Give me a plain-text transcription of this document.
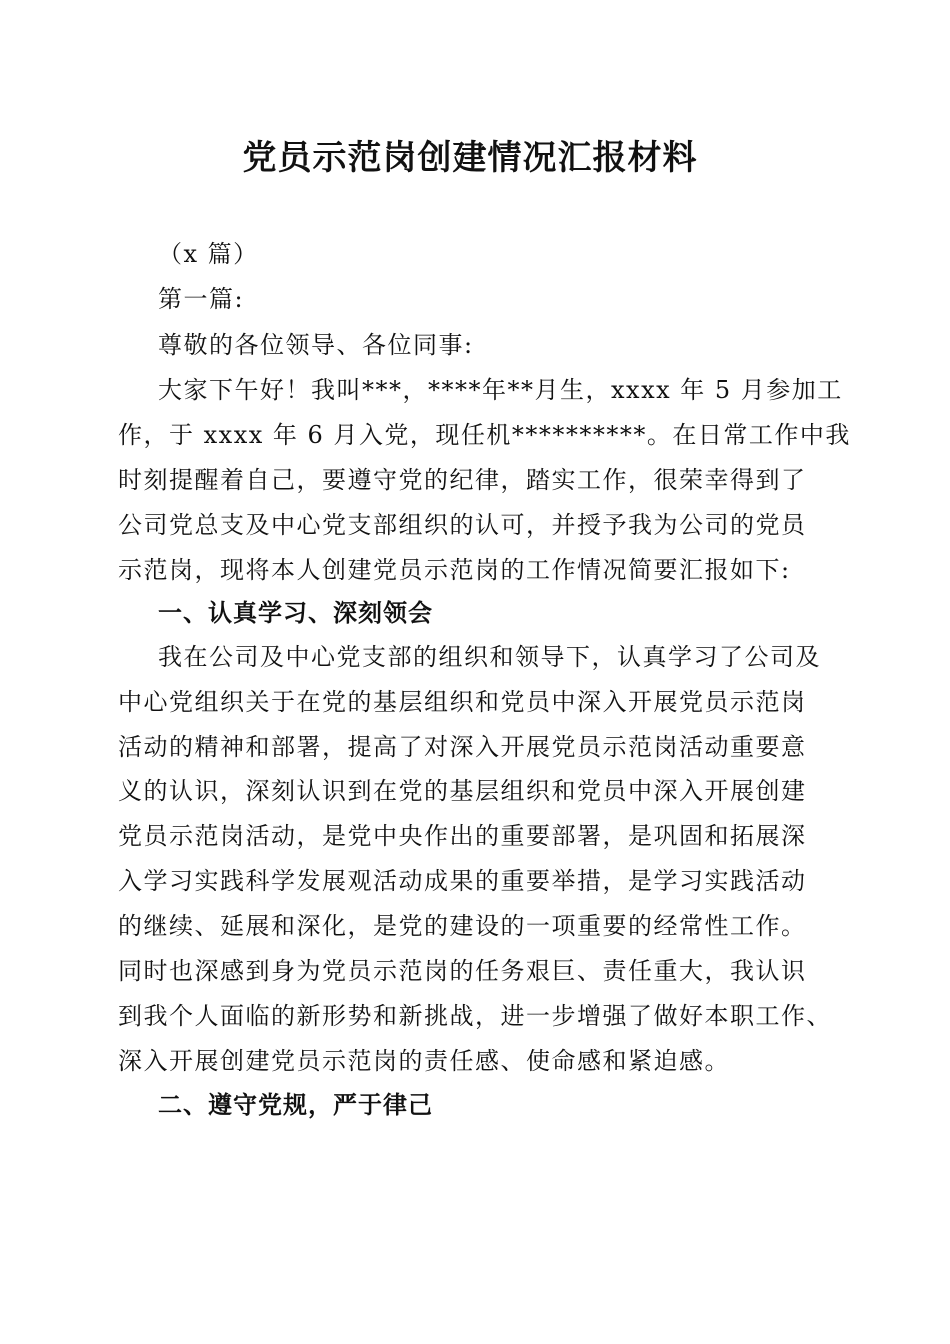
党员示范岗创建情况汇报材料
（x 篇）
第一篇:
尊敬的各位领导、各位同事:
大家下午好！我叫***，****年**月生，xxxx 年 5 月参加工
作，于 xxxx 年 6 月入党，现任机**********。在日常工作中我
时刻提醒着自己，要遵守党的纪律，踏实工作，很荣幸得到了
公司党总支及中心党支部组织的认可，并授予我为公司的党员
示范岗，现将本人创建党员示范岗的工作情况简要汇报如下:
一、认真学习、深刻领会
我在公司及中心党支部的组织和领导下，认真学习了公司及
中心党组织关于在党的基层组织和党员中深入开展党员示范岗
活动的精神和部署，提高了对深入开展党员示范岗活动重要意
义的认识，深刻认识到在党的基层组织和党员中深入开展创建
党员示范岗活动，是党中央作出的重要部署，是巩固和拓展深
入学习实践科学发展观活动成果的重要举措，是学习实践活动
的继续、延展和深化，是党的建设的一项重要的经常性工作。
同时也深感到身为党员示范岗的任务艰巨、责任重大，我认识
到我个人面临的新形势和新挑战，进一步增强了做好本职工作、
深入开展创建党员示范岗的责任感、使命感和紧迫感。
二、遵守党规，严于律己
